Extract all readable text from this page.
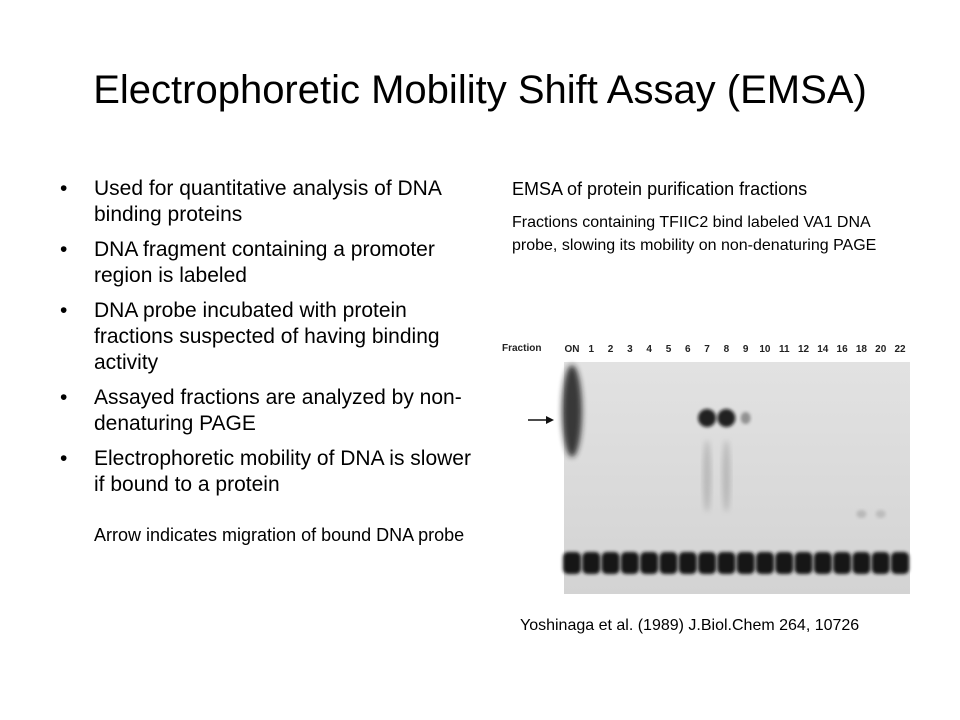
Electrophoretic Mobility Shift Assay (EMSA)
• Used for quantitative analysis of DNA binding proteins
• DNA fragment containing a promoter region is labeled
• DNA probe incubated with protein fractions suspected of having binding activity
• Assayed fractions are analyzed by non-denaturing PAGE
• Electrophoretic mobility of DNA is slower if bound to a protein
Arrow indicates migration of bound DNA probe
EMSA of protein purification fractions
Fractions containing TFIIC2 bind labeled VA1 DNA probe, slowing its mobility on non-denaturing PAGE
Fraction ON 1 2 3 4 5 6 7 8 9 10 11 12 14 16 18 20 22
Yoshinaga et al. (1989) J.Biol.Chem 264, 10726
